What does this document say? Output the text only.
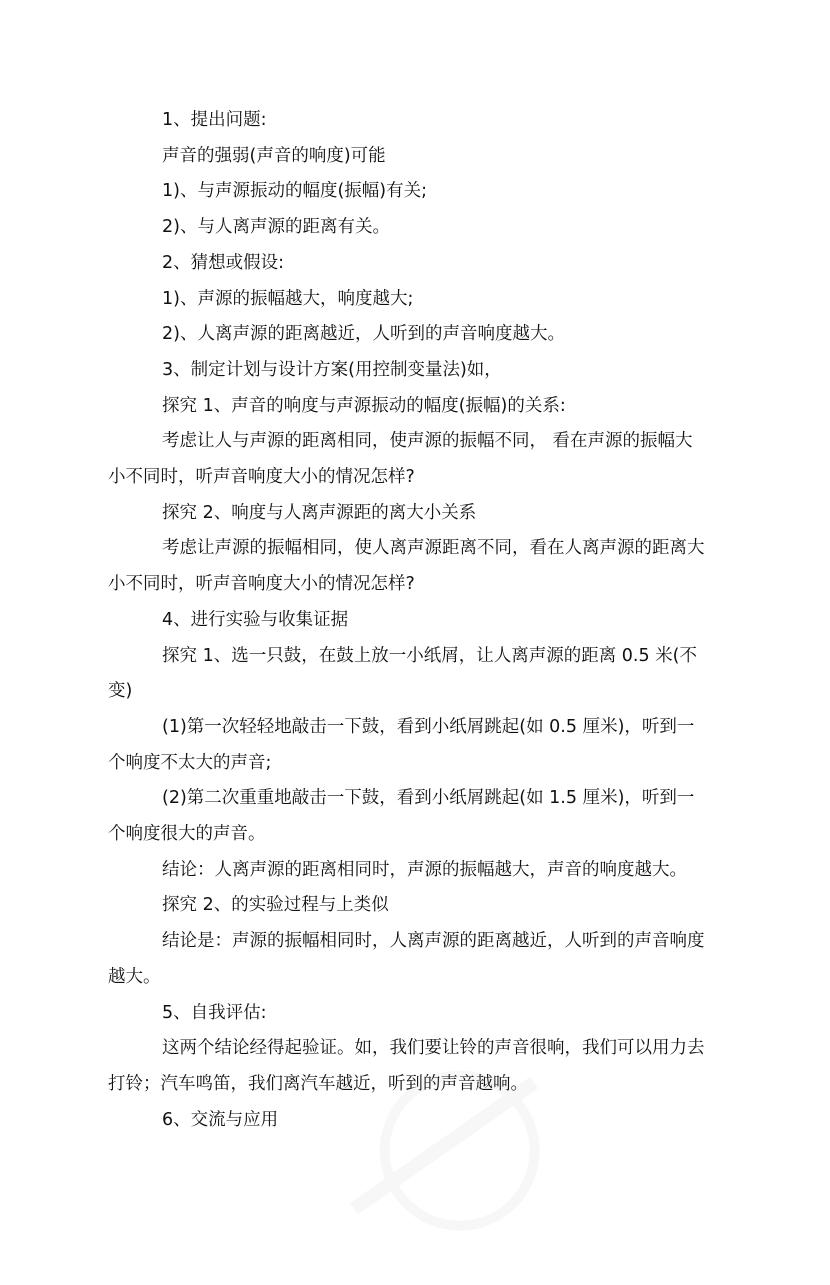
1、提出问题:

声音的强弱(声音的响度)可能

1)、与声源振动的幅度(振幅)有关;

2)、与人离声源的距离有关。

2、猜想或假设:

1)、声源的振幅越大，响度越大;

2)、人离声源的距离越近，人听到的声音响度越大。

3、制定计划与设计方案(用控制变量法)如，

探究 1、声音的响度与声源振动的幅度(振幅)的关系:

考虑让人与声源的距离相同，使声源的振幅不同， 看在声源的振幅大小不同时，听声音响度大小的情况怎样?

探究 2、响度与人离声源距的离大小关系

考虑让声源的振幅相同，使人离声源距离不同，看在人离声源的距离大小不同时，听声音响度大小的情况怎样?

4、进行实验与收集证据

探究 1、选一只鼓，在鼓上放一小纸屑，让人离声源的距离 0.5 米(不变)

(1)第一次轻轻地敲击一下鼓，看到小纸屑跳起(如 0.5 厘米)，听到一个响度不太大的声音;

(2)第二次重重地敲击一下鼓，看到小纸屑跳起(如 1.5 厘米)，听到一个响度很大的声音。

结论：人离声源的距离相同时，声源的振幅越大，声音的响度越大。

探究 2、的实验过程与上类似

结论是：声源的振幅相同时，人离声源的距离越近，人听到的声音响度越大。

5、自我评估:

这两个结论经得起验证。如，我们要让铃的声音很响，我们可以用力去打铃；汽车鸣笛，我们离汽车越近，听到的声音越响。

6、交流与应用
